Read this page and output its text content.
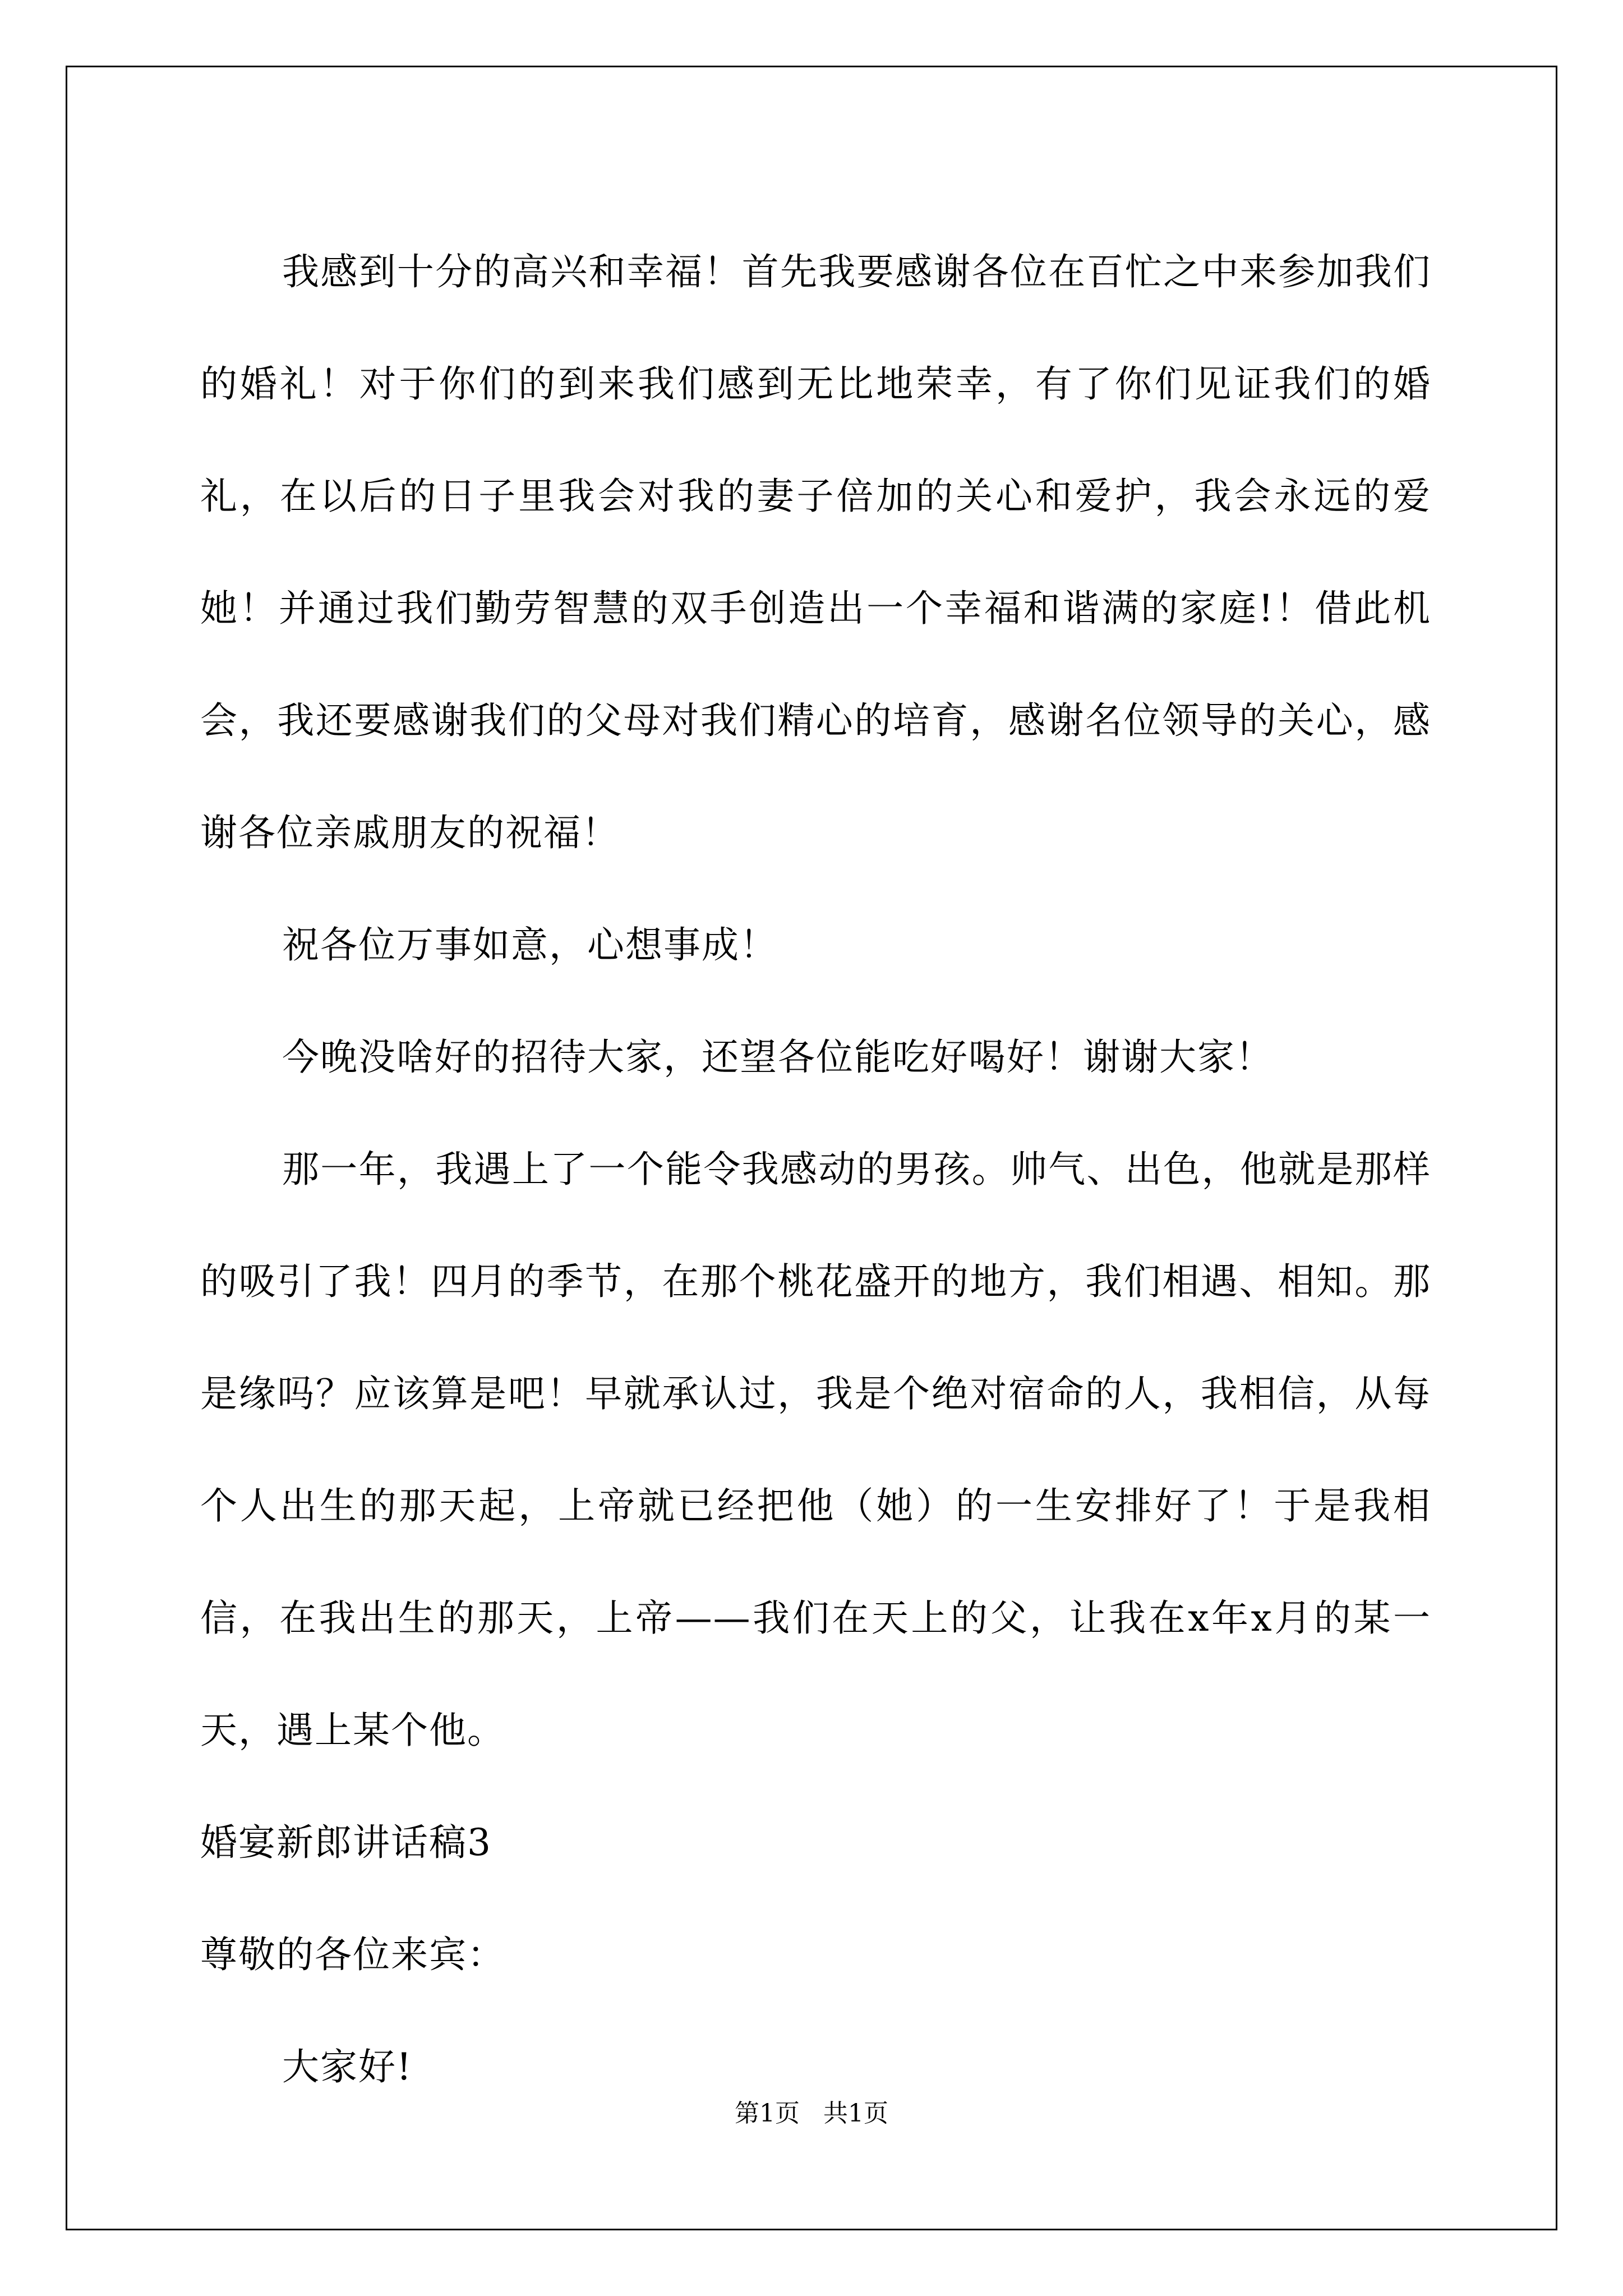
我感到十分的高兴和幸福！首先我要感谢各位在百忙之中来参加我们的婚礼！对于你们的到来我们感到无比地荣幸，有了你们见证我们的婚礼，在以后的日子里我会对我的妻子倍加的关心和爱护，我会永远的爱她！并通过我们勤劳智慧的双手创造出一个幸福和谐满的家庭!！借此机会，我还要感谢我们的父母对我们精心的培育，感谢名位领导的关心，感谢各位亲戚朋友的祝福！

祝各位万事如意，心想事成！

今晚没啥好的招待大家，还望各位能吃好喝好！谢谢大家！

那一年，我遇上了一个能令我感动的男孩。帅气、出色，他就是那样的吸引了我！四月的季节，在那个桃花盛开的地方，我们相遇、相知。那是缘吗？应该算是吧！早就承认过，我是个绝对宿命的人，我相信，从每个人出生的那天起，上帝就已经把他（她）的一生安排好了！于是我相信，在我出生的那天，上帝——我们在天上的父，让我在x年x月的某一天，遇上某个他。

婚宴新郎讲话稿3

尊敬的各位来宾：

大家好!

第1页 共1页
